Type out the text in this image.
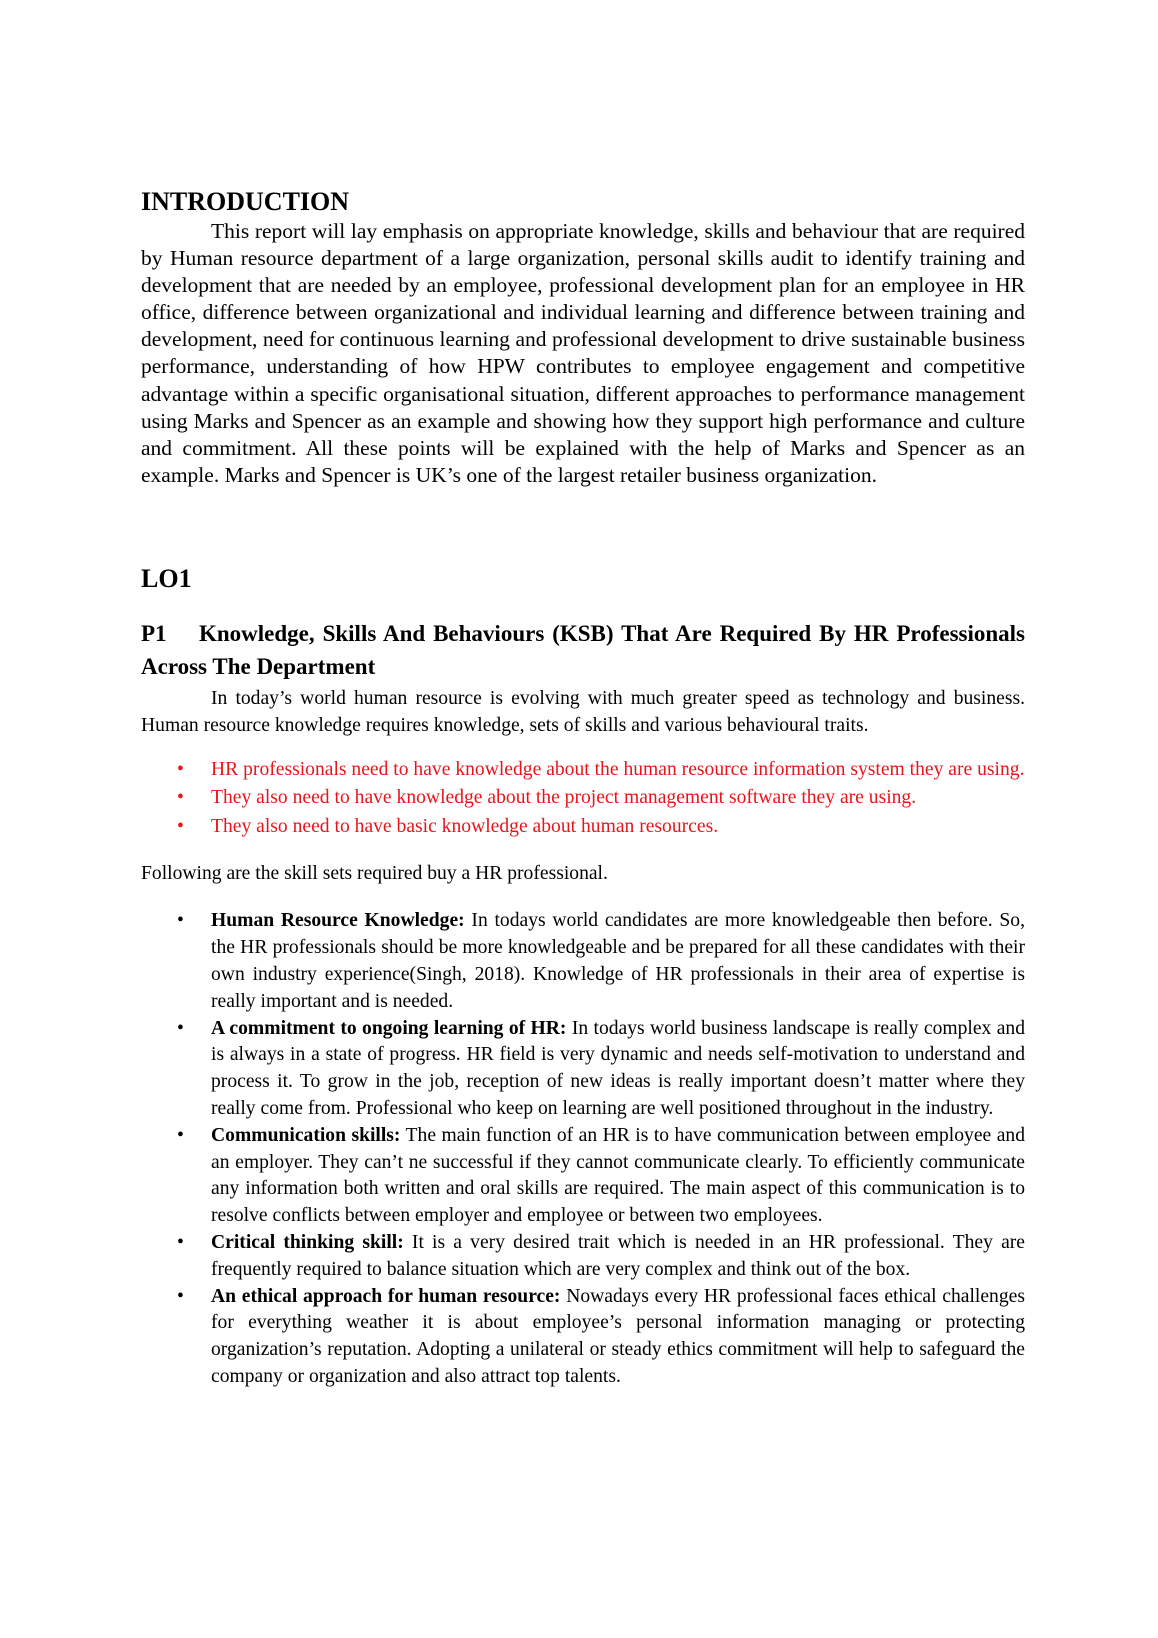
INTRODUCTION

This report will lay emphasis on appropriate knowledge, skills and behaviour that are required by Human resource department of a large organization, personal skills audit to identify training and development that are needed by an employee, professional development plan for an employee in HR office, difference between organizational and individual learning and difference between training and development, need for continuous learning and professional development to drive sustainable business performance, understanding of how HPW contributes to employee engagement and competitive advantage within a specific organisational situation, different approaches to performance management using Marks and Spencer as an example and showing how they support high performance and culture and commitment. All these points will be explained with the help of Marks and Spencer as an example. Marks and Spencer is UK’s one of the largest retailer business organization.

LO1
P1 Knowledge, Skills And Behaviours (KSB) That Are Required By HR Professionals Across The Department

In today’s world human resource is evolving with much greater speed as technology and business. Human resource knowledge requires knowledge, sets of skills and various behavioural traits.

• HR professionals need to have knowledge about the human resource information system they are using.
• They also need to have knowledge about the project management software they are using.
• They also need to have basic knowledge about human resources.

Following are the skill sets required buy a HR professional.

• Human Resource Knowledge: In todays world candidates are more knowledgeable then before. So, the HR professionals should be more knowledgeable and be prepared for all these candidates with their own industry experience(Singh, 2018). Knowledge of HR professionals in their area of expertise is really important and is needed.
• A commitment to ongoing learning of HR: In todays world business landscape is really complex and is always in a state of progress. HR field is very dynamic and needs self-motivation to understand and process it. To grow in the job, reception of new ideas is really important doesn’t matter where they really come from. Professional who keep on learning are well positioned throughout in the industry.
• Communication skills: The main function of an HR is to have communication between employee and an employer. They can’t ne successful if they cannot communicate clearly. To efficiently communicate any information both written and oral skills are required. The main aspect of this communication is to resolve conflicts between employer and employee or between two employees.
• Critical thinking skill: It is a very desired trait which is needed in an HR professional. They are frequently required to balance situation which are very complex and think out of the box.
• An ethical approach for human resource: Nowadays every HR professional faces ethical challenges for everything weather it is about employee’s personal information managing or protecting organization’s reputation. Adopting a unilateral or steady ethics commitment will help to safeguard the company or organization and also attract top talents.
